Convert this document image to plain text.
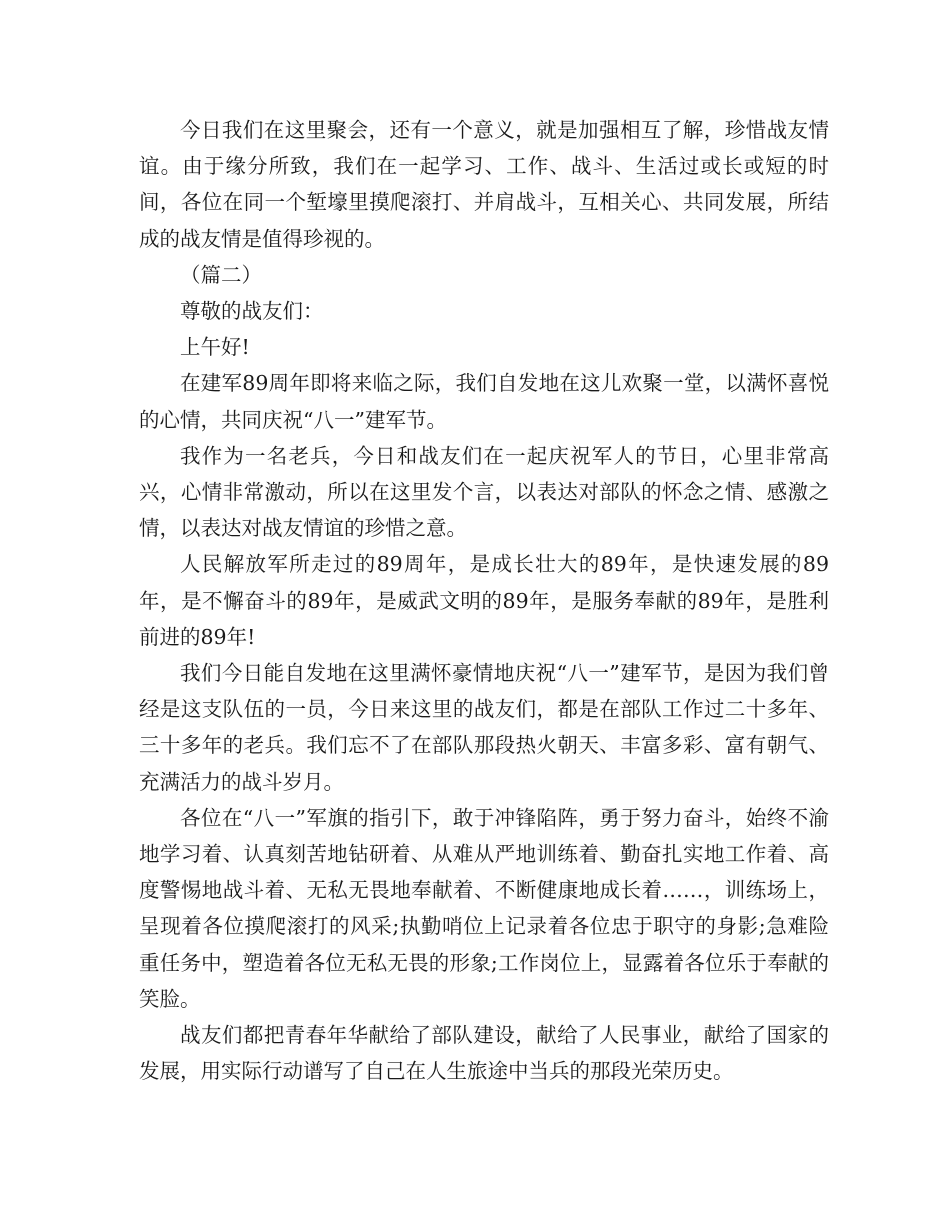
今日我们在这里聚会，还有一个意义，就是加强相互了解，珍惜战友情谊。由于缘分所致，我们在一起学习、工作、战斗、生活过或长或短的时间，各位在同一个堑壕里摸爬滚打、并肩战斗，互相关心、共同发展，所结成的战友情是值得珍视的。

（篇二）

尊敬的战友们：

上午好!

在建军89周年即将来临之际，我们自发地在这儿欢聚一堂，以满怀喜悦的心情，共同庆祝“八一”建军节。

我作为一名老兵，今日和战友们在一起庆祝军人的节日，心里非常高兴，心情非常激动，所以在这里发个言，以表达对部队的怀念之情、感激之情，以表达对战友情谊的珍惜之意。

人民解放军所走过的89周年，是成长壮大的89年，是快速发展的89年，是不懈奋斗的89年，是威武文明的89年，是服务奉献的89年，是胜利前进的89年!

我们今日能自发地在这里满怀豪情地庆祝“八一”建军节，是因为我们曾经是这支队伍的一员，今日来这里的战友们，都是在部队工作过二十多年、三十多年的老兵。我们忘不了在部队那段热火朝天、丰富多彩、富有朝气、充满活力的战斗岁月。

各位在“八一”军旗的指引下，敢于冲锋陷阵，勇于努力奋斗，始终不渝地学习着、认真刻苦地钻研着、从难从严地训练着、勤奋扎实地工作着、高度警惕地战斗着、无私无畏地奉献着、不断健康地成长着……，训练场上，呈现着各位摸爬滚打的风采;执勤哨位上记录着各位忠于职守的身影;急难险重任务中，塑造着各位无私无畏的形象;工作岗位上，显露着各位乐于奉献的笑脸。

战友们都把青春年华献给了部队建设，献给了人民事业，献给了国家的发展，用实际行动谱写了自己在人生旅途中当兵的那段光荣历史。
